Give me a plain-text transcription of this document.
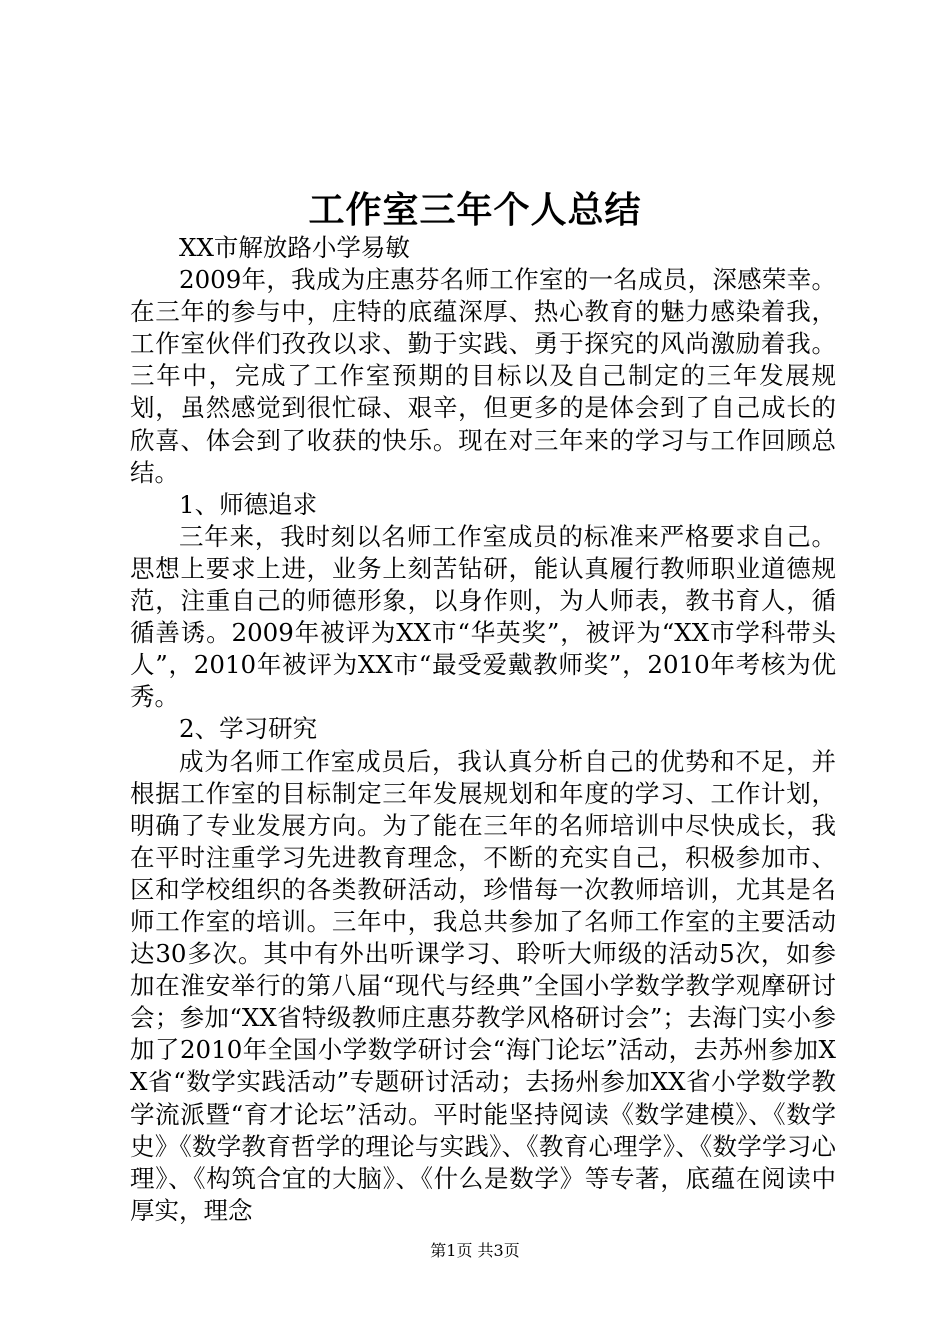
工作室三年个人总结

XX市解放路小学易敏

2009年，我成为庄惠芬名师工作室的一名成员，深感荣幸。在三年的参与中，庄特的底蕴深厚、热心教育的魅力感染着我，工作室伙伴们孜孜以求、勤于实践、勇于探究的风尚激励着我。三年中，完成了工作室预期的目标以及自己制定的三年发展规划，虽然感觉到很忙碌、艰辛，但更多的是体会到了自己成长的欣喜、体会到了收获的快乐。现在对三年来的学习与工作回顾总结。

1、师德追求

三年来，我时刻以名师工作室成员的标准来严格要求自己。思想上要求上进，业务上刻苦钻研，能认真履行教师职业道德规范，注重自己的师德形象，以身作则，为人师表，教书育人，循循善诱。2009年被评为XX市“华英奖”，被评为“XX市学科带头人”，2010年被评为XX市“最受爱戴教师奖”，2010年考核为优秀。

2、学习研究

成为名师工作室成员后，我认真分析自己的优势和不足，并根据工作室的目标制定三年发展规划和年度的学习、工作计划，明确了专业发展方向。为了能在三年的名师培训中尽快成长，我在平时注重学习先进教育理念，不断的充实自己，积极参加市、区和学校组织的各类教研活动，珍惜每一次教师培训，尤其是名师工作室的培训。三年中，我总共参加了名师工作室的主要活动达30多次。其中有外出听课学习、聆听大师级的活动5次，如参加在淮安举行的第八届“现代与经典”全国小学数学教学观摩研讨会；参加“XX省特级教师庄惠芬教学风格研讨会”；去海门实小参加了2010年全国小学数学研讨会“海门论坛”活动，去苏州参加XX省“数学实践活动”专题研讨活动；去扬州参加XX省小学数学教学流派暨“育才论坛”活动。平时能坚持阅读《数学建模》、《数学史》《数学教育哲学的理论与实践》、《教育心理学》、《数学学习心理》、《构筑合宜的大脑》、《什么是数学》等专著，底蕴在阅读中厚实，理念

第1页 共3页
